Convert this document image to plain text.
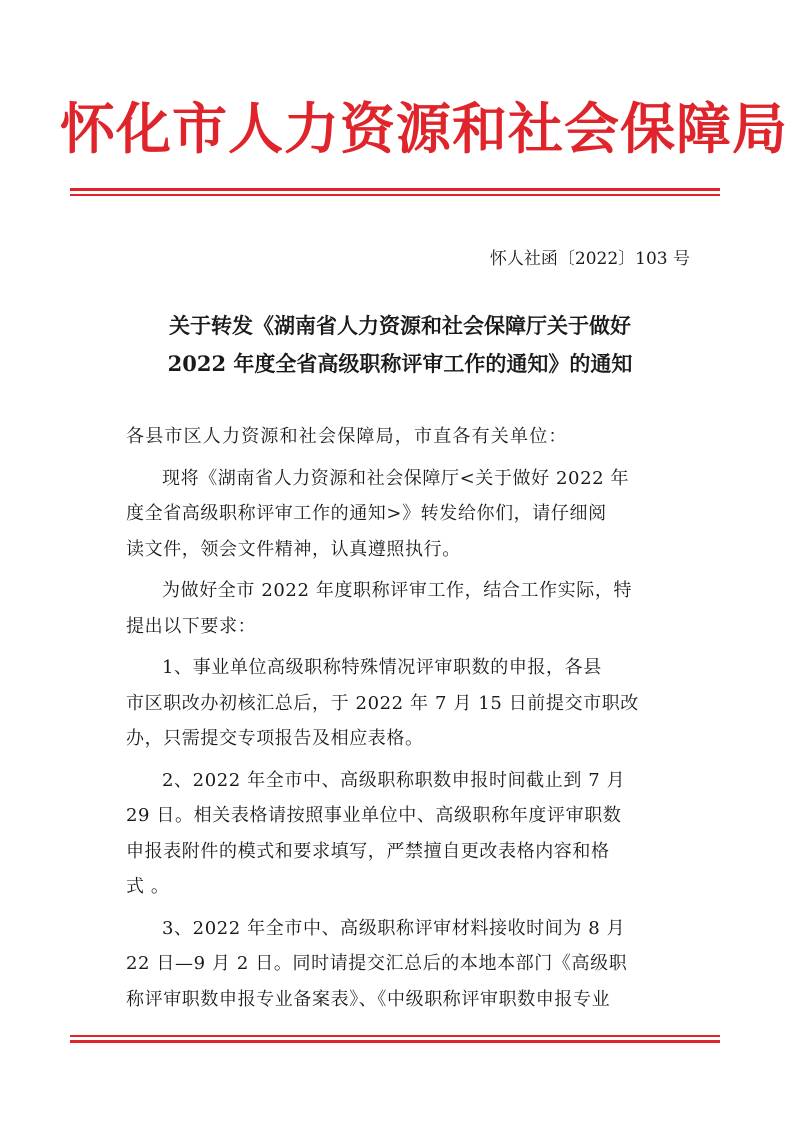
怀化市人力资源和社会保障局
怀人社函〔2022〕103 号
关于转发《湖南省人力资源和社会保障厅关于做好
2022 年度全省高级职称评审工作的通知》的通知
各县市区人力资源和社会保障局，市直各有关单位：
现将《湖南省人力资源和社会保障厅<关于做好 2022 年
度全省高级职称评审工作的通知>》转发给你们，请仔细阅
读文件，领会文件精神，认真遵照执行。
为做好全市 2022 年度职称评审工作，结合工作实际，特
提出以下要求：
1、事业单位高级职称特殊情况评审职数的申报，各县
市区职改办初核汇总后，于 2022 年 7 月 15 日前提交市职改
办，只需提交专项报告及相应表格。
2、2022 年全市中、高级职称职数申报时间截止到 7 月
29 日。相关表格请按照事业单位中、高级职称年度评审职数
申报表附件的模式和要求填写，严禁擅自更改表格内容和格
式 。
3、2022 年全市中、高级职称评审材料接收时间为 8 月
22 日—9 月 2 日。同时请提交汇总后的本地本部门《高级职
称评审职数申报专业备案表》、《中级职称评审职数申报专业
